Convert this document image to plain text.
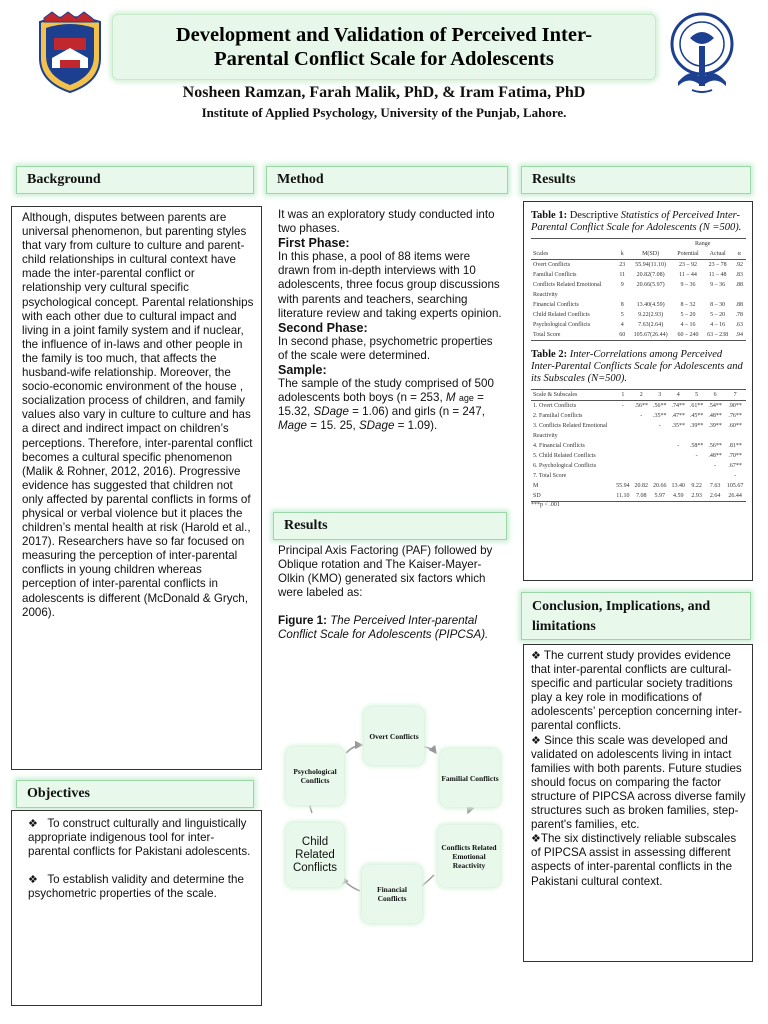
Development and Validation of Perceived Inter-
Parental Conflict Scale for Adolescents
Nosheen Ramzan, Farah Malik, PhD, & Iram Fatima, PhD
Institute of Applied Psychology, University of the Punjab, Lahore.
Background

Although, disputes between parents are universal phenomenon, but parenting styles that vary from culture to culture and parent-child relationships in cultural context have made the inter-parental conflict or relationship very cultural specific psychological concept. Parental relationships with each other due to cultural impact and living in a joint family system and if nuclear, the influence of in-laws and other people in the family is too much, that affects the husband-wife relationship. Moreover, the socio-economic environment of the house , socialization process of children, and family values also vary in culture to culture and has a direct and indirect impact on children’s perceptions. Therefore, inter-parental conflict becomes a cultural specific phenomenon (Malik & Rohner, 2012, 2016). Progressive evidence has suggested that children not only affected by parental conflicts in forms of physical or verbal violence but it places the children’s mental health at risk (Harold et al., 2017). Researchers have so far focused on measuring the perception of inter-parental conflicts in young children whereas perception of inter-parental conflicts in adolescents is different (McDonald & Grych, 2006).

Objectives

❖ To construct culturally and linguistically appropriate indigenous tool for inter-parental conflicts for Pakistani adolescents.

❖ To establish validity and determine the psychometric properties of the scale.

Method

It was an exploratory study conducted into two phases.

First Phase:

In this phase, a pool of 88 items were drawn from in-depth interviews with 10 adolescents, three focus group discussions with parents and teachers, searching literature review and taking experts opinion.

Second Phase:

In second phase, psychometric properties of the scale were determined.

Sample:

The sample of the study comprised of 500 adolescents both boys (n = 253, M age = 15.32, SDage = 1.06) and girls (n = 247, Mage = 15. 25, SDage = 1.09).

Results

Principal Axis Factoring (PAF) followed by Oblique rotation and The Kaiser-Mayer-Olkin (KMO) generated six factors which were labeled as:

Figure 1: The Perceived Inter-parental Conflict Scale for Adolescents (PIPCSA).

Overt Conflicts
Familial Conflicts
Conflicts Related Emotional Reactivity
Financial Conflicts
Child Related Conflicts
Psychological Conflicts
Results
Table 1: Descriptive Statistics of Perceived Inter-Parental Conflict Scale for Adolescents (N =500).
			Range		
Scales	k	M(SD)	Potential	Actual	α
Overt Conflicts	23	55.94(11.10)	23 – 92	23 – 78	.92
Familial Conflicts	11	20.82(7.08)	11 – 44	11 – 48	.83
Conflicts Related Emotional	9	20.66(5.97)	9 – 36	9 – 36	.88
Reactivity					
Financial Conflicts	8	13.40(4.59)	8 – 32	8 – 30	.88
Child Related Conflicts	5	9.22(2.93)	5 – 20	5 – 20	.78
Psychological Conflicts	4	7.63(2.64)	4 – 16	4 – 16	.63
Total Score	60	105.67(26.44)	60 – 240	63 – 238	.94
Table 2: Inter-Correlations among Perceived Inter-Parental Conflicts Scale for Adolescents and its Subscales (N=500).
Scale & Subscales	1	2	3	4	5	6	7
1. Overt Conflicts	-	.56**	.56**	.74**	.61**	.54**	.90**
2. Familial Conflicts		-	.35**	.47**	.45**	.48**	.76**
3. Conflicts Related Emotional			-	.35**	.39**	.39**	.60**
Reactivity							
4. Financial Conflicts				-	.58**	.56**	.81**
5. Child Related Conflicts					-	.48**	.70**
6. Psychological Conflicts						-	.67**
7. Total Score							-
M	55.94	20.82	20.66	13.40	9.22	7.63	105.67
SD	11.10	7.08	5.97	4.59	2.93	2.64	26.44
***p < .001
Conclusion, Implications, and limitations

❖ The current study provides evidence that inter-parental conflicts are cultural-specific and particular society traditions play a key role in modifications of adolescents’ perception concerning inter-parental conflicts.

❖ Since this scale was developed and validated on adolescents living in intact families with both parents. Future studies should focus on comparing the factor structure of PIPCSA across diverse family structures such as broken families, step-parent's families, etc.

❖The six distinctively reliable subscales of PIPCSA assist in assessing different aspects of inter-parental conflicts in the Pakistani cultural context.
